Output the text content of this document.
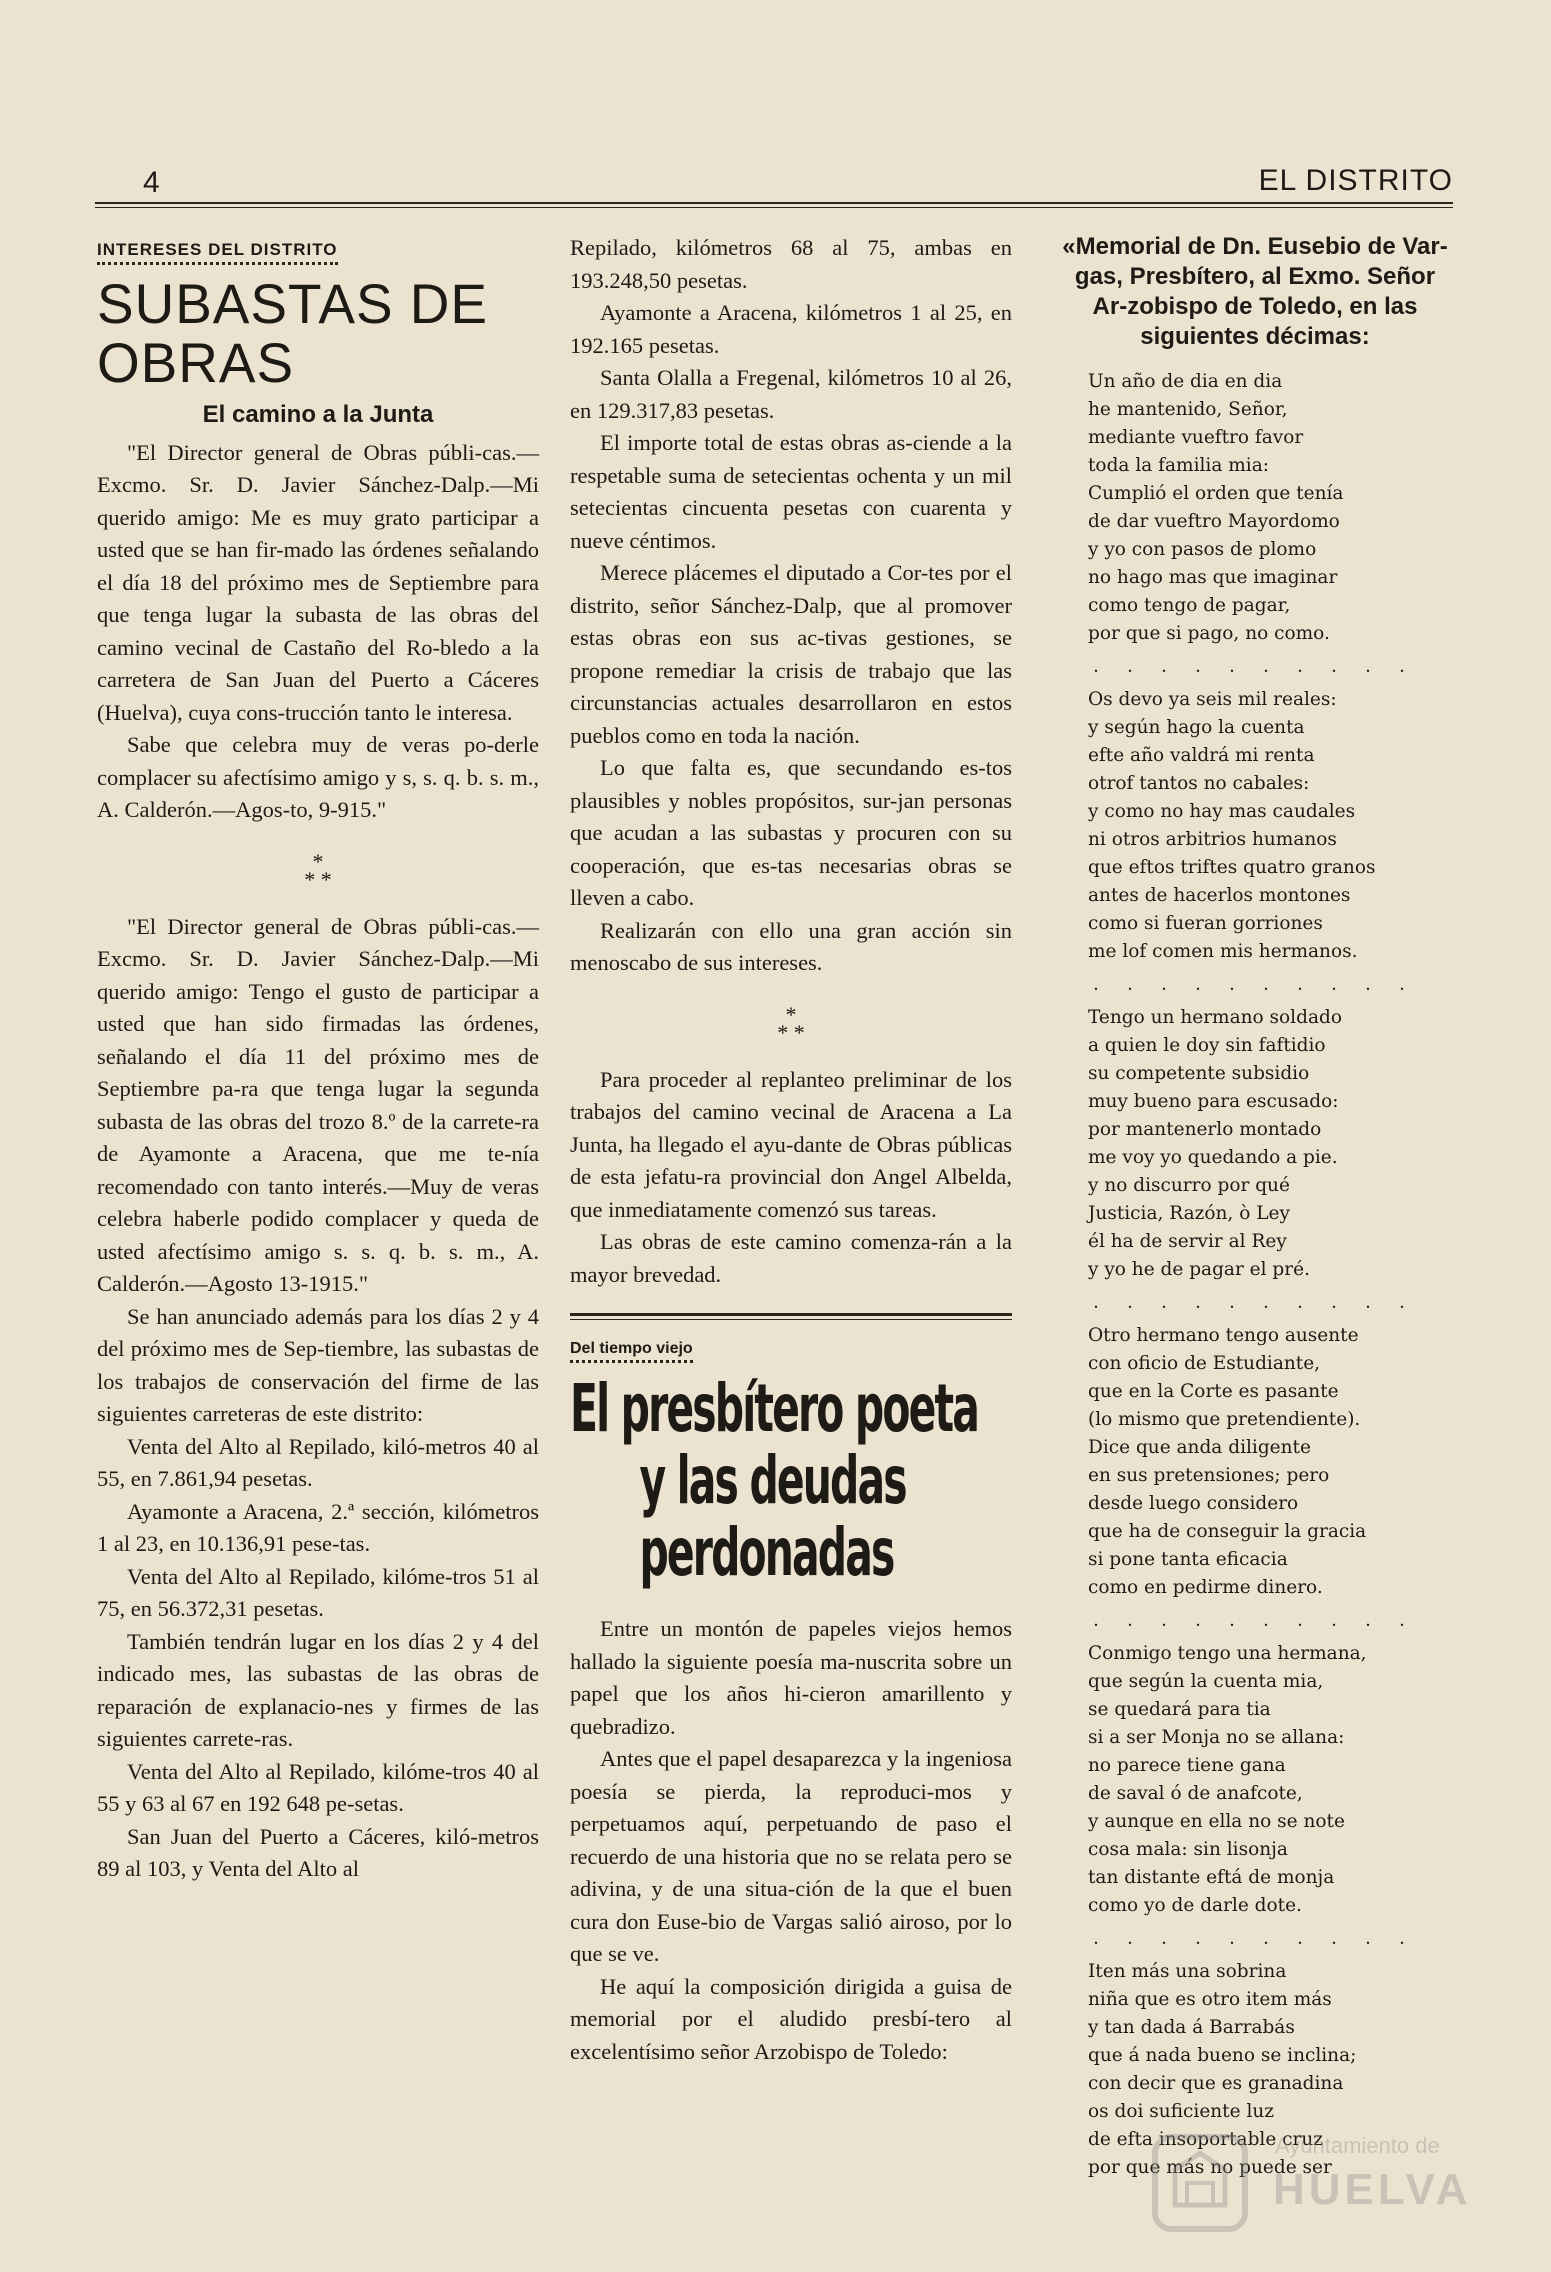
4	EL DISTRITO
INTERESES DEL DISTRITO
SUBASTAS DE OBRAS
El camino a la Junta

"El Director general de Obras públi-cas.—Excmo. Sr. D. Javier Sánchez-Dalp.—Mi querido amigo: Me es muy grato participar a usted que se han fir-mado las órdenes señalando el día 18 del próximo mes de Septiembre para que tenga lugar la subasta de las obras del camino vecinal de Castaño del Ro-bledo a la carretera de San Juan del Puerto a Cáceres (Huelva), cuya cons-trucción tanto le interesa.

Sabe que celebra muy de veras po-derle complacer su afectísimo amigo y s, s. q. b. s. m., A. Calderón.—Agos-to, 9-915."

*
* *

"El Director general de Obras públi-cas.—Excmo. Sr. D. Javier Sánchez-Dalp.—Mi querido amigo: Tengo el gusto de participar a usted que han sido firmadas las órdenes, señalando el día 11 del próximo mes de Septiembre pa-ra que tenga lugar la segunda subasta de las obras del trozo 8.º de la carrete-ra de Ayamonte a Aracena, que me te-nía recomendado con tanto interés.—Muy de veras celebra haberle podido complacer y queda de usted afectísimo amigo s. s. q. b. s. m., A. Calderón.—Agosto 13-1915."

Se han anunciado además para los días 2 y 4 del próximo mes de Sep-tiembre, las subastas de los trabajos de conservación del firme de las siguientes carreteras de este distrito:

Venta del Alto al Repilado, kiló-metros 40 al 55, en 7.861,94 pesetas.

Ayamonte a Aracena, 2.ª sección, kilómetros 1 al 23, en 10.136,91 pese-tas.

Venta del Alto al Repilado, kilóme-tros 51 al 75, en 56.372,31 pesetas.

También tendrán lugar en los días 2 y 4 del indicado mes, las subastas de las obras de reparación de explanacio-nes y firmes de las siguientes carrete-ras.

Venta del Alto al Repilado, kilóme-tros 40 al 55 y 63 al 67 en 192 648 pe-setas.

San Juan del Puerto a Cáceres, kiló-metros 89 al 103, y Venta del Alto al

Repilado, kilómetros 68 al 75, ambas en 193.248,50 pesetas.

Ayamonte a Aracena, kilómetros 1 al 25, en 192.165 pesetas.

Santa Olalla a Fregenal, kilómetros 10 al 26, en 129.317,83 pesetas.

El importe total de estas obras as-ciende a la respetable suma de setecientas ochenta y un mil setecientas cincuenta pesetas con cuarenta y nueve céntimos.

Merece plácemes el diputado a Cor-tes por el distrito, señor Sánchez-Dalp, que al promover estas obras eon sus ac-tivas gestiones, se propone remediar la crisis de trabajo que las circunstancias actuales desarrollaron en estos pueblos como en toda la nación.

Lo que falta es, que secundando es-tos plausibles y nobles propósitos, sur-jan personas que acudan a las subastas y procuren con su cooperación, que es-tas necesarias obras se lleven a cabo.

Realizarán con ello una gran acción sin menoscabo de sus intereses.

*
* *

Para proceder al replanteo preliminar de los trabajos del camino vecinal de Aracena a La Junta, ha llegado el ayu-dante de Obras públicas de esta jefatu-ra provincial don Angel Albelda, que inmediatamente comenzó sus tareas.

Las obras de este camino comenza-rán a la mayor brevedad.

Del tiempo viejo
El presbítero poeta
y las deudas perdonadas

Entre un montón de papeles viejos hemos hallado la siguiente poesía ma-nuscrita sobre un papel que los años hi-cieron amarillento y quebradizo.

Antes que el papel desaparezca y la ingeniosa poesía se pierda, la reproduci-mos y perpetuamos aquí, perpetuando de paso el recuerdo de una historia que no se relata pero se adivina, y de una situa-ción de la que el buen cura don Euse-bio de Vargas salió airoso, por lo que se ve.

He aquí la composición dirigida a guisa de memorial por el aludido presbí-tero al excelentísimo señor Arzobispo de Toledo:

«Memorial de Dn. Eusebio de Var-gas, Presbítero, al Exmo. Señor Ar-zobispo de Toledo, en las siguientes décimas:
Un año de dia en dia
he mantenido, Señor,
mediante vueftro favor
toda la familia mia:
Cumplió el orden que tenía
de dar vueftro Mayordomo
y yo con pasos de plomo
no hago mas que imaginar
como tengo de pagar,
por que si pago, no como.
. . . . . . . . . .
Os devo ya seis mil reales:
y según hago la cuenta
efte año valdrá mi renta
otrof tantos no cabales:
y como no hay mas caudales
ni otros arbitrios humanos
que eftos triftes quatro granos
antes de hacerlos montones
como si fueran gorriones
me lof comen mis hermanos.
. . . . . . . . . .
Tengo un hermano soldado
a quien le doy sin faftidio
su competente subsidio
muy bueno para escusado:
por mantenerlo montado
me voy yo quedando a pie.
y no discurro por qué
Justicia, Razón, ò Ley
él ha de servir al Rey
y yo he de pagar el pré.
. . . . . . . . . .
Otro hermano tengo ausente
con oficio de Estudiante,
que en la Corte es pasante
(lo mismo que pretendiente).
Dice que anda diligente
en sus pretensiones; pero
desde luego considero
que ha de conseguir la gracia
si pone tanta eficacia
como en pedirme dinero.
. . . . . . . . . .
Conmigo tengo una hermana,
que según la cuenta mia,
se quedará para tia
si a ser Monja no se allana:
no parece tiene gana
de saval ó de anafcote,
y aunque en ella no se note
cosa mala: sin lisonja
tan distante eftá de monja
como yo de darle dote.
. . . . . . . . . .
Iten más una sobrina
niña que es otro item más
y tan dada á Barrabás
que á nada bueno se inclina;
con decir que es granadina
os doi suficiente luz
de efta insoportable cruz
por que más no puede ser
Ayuntamiento de
HUELVA
